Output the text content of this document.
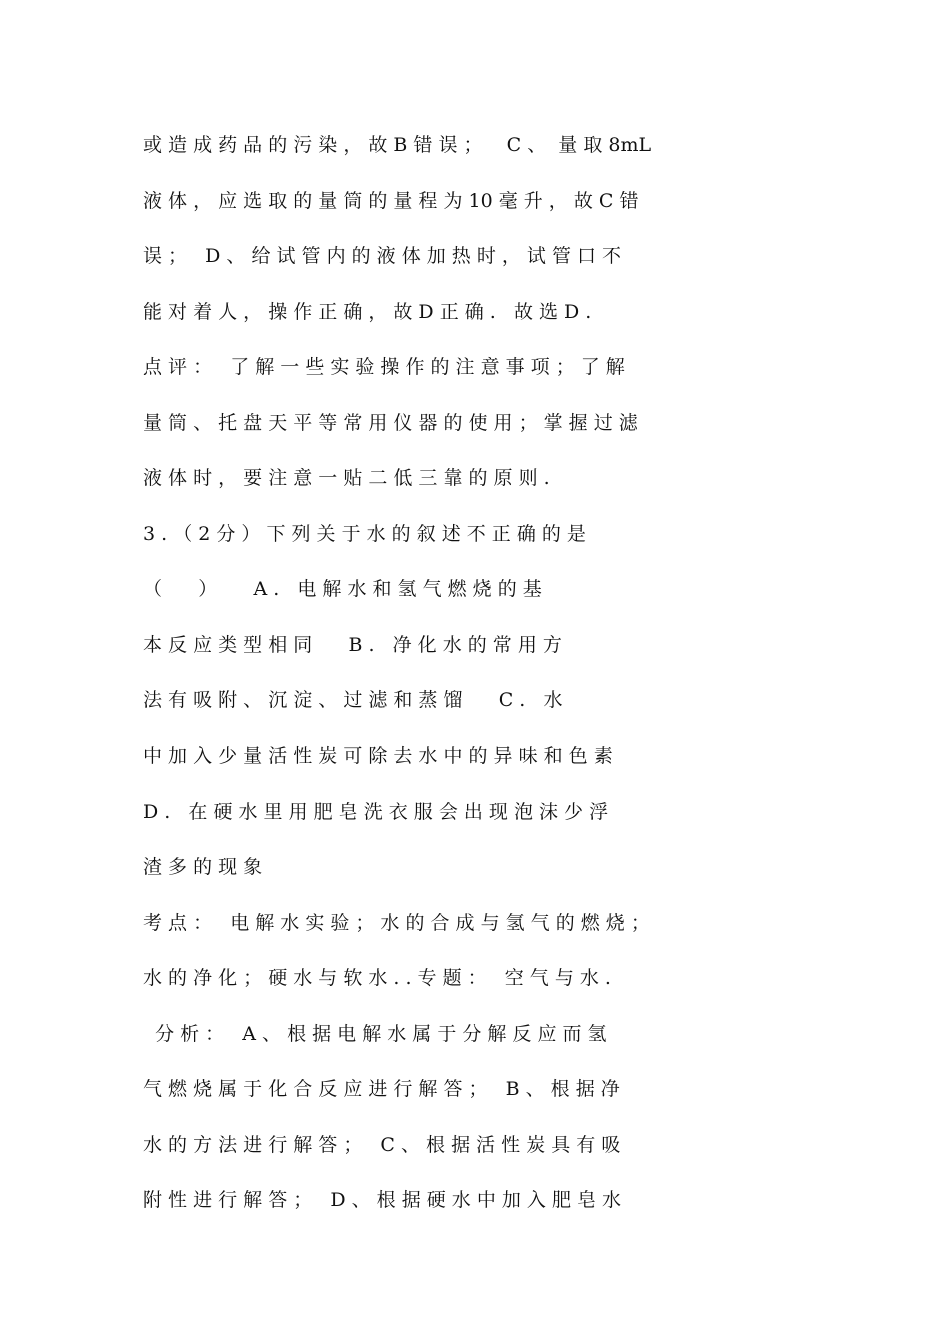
或 造 成 药 品 的 污 染 ， 故 B 错 误 ；    C 、  量 取 8mL
液 体 ， 应 选 取 的 量 筒 的 量 程 为 10 毫 升 ， 故 C 错
误 ；   D 、 给 试 管 内 的 液 体 加 热 时 ， 试 管 口 不
能 对 着 人 ， 操 作 正 确 ， 故 D 正 确 .   故 选 D .
点 评 ：   了 解 一 些 实 验 操 作 的 注 意 事 项 ； 了 解
量 筒 、 托 盘 天 平 等 常 用 仪 器 的 使 用 ； 掌 握 过 滤
液 体 时 ， 要 注 意 一 贴 二 低 三 靠 的 原 则 .
3 . （ 2 分 ） 下 列 关 于 水 的 叙 述 不 正 确 的 是
（      ）      A .   电 解 水 和 氢 气 燃 烧 的 基
本 反 应 类 型 相 同      B .   净 化 水 的 常 用 方
法 有 吸 附 、 沉 淀 、 过 滤 和 蒸 馏      C .   水
中 加 入 少 量 活 性 炭 可 除 去 水 中 的 异 味 和 色 素
D .   在 硬 水 里 用 肥 皂 洗 衣 服 会 出 现 泡 沫 少 浮
渣 多 的 现 象
考 点 ：   电 解 水 实 验 ； 水 的 合 成 与 氢 气 的 燃 烧 ；
水 的 净 化 ； 硬 水 与 软 水 . . 专 题 ：   空 气 与 水 .
分 析 ：   A 、 根 据 电 解 水 属 于 分 解 反 应 而 氢
气 燃 烧 属 于 化 合 反 应 进 行 解 答 ；   B 、 根 据 净
水 的 方 法 进 行 解 答 ；   C 、 根 据 活 性 炭 具 有 吸
附 性 进 行 解 答 ；   D 、 根 据 硬 水 中 加 入 肥 皂 水
